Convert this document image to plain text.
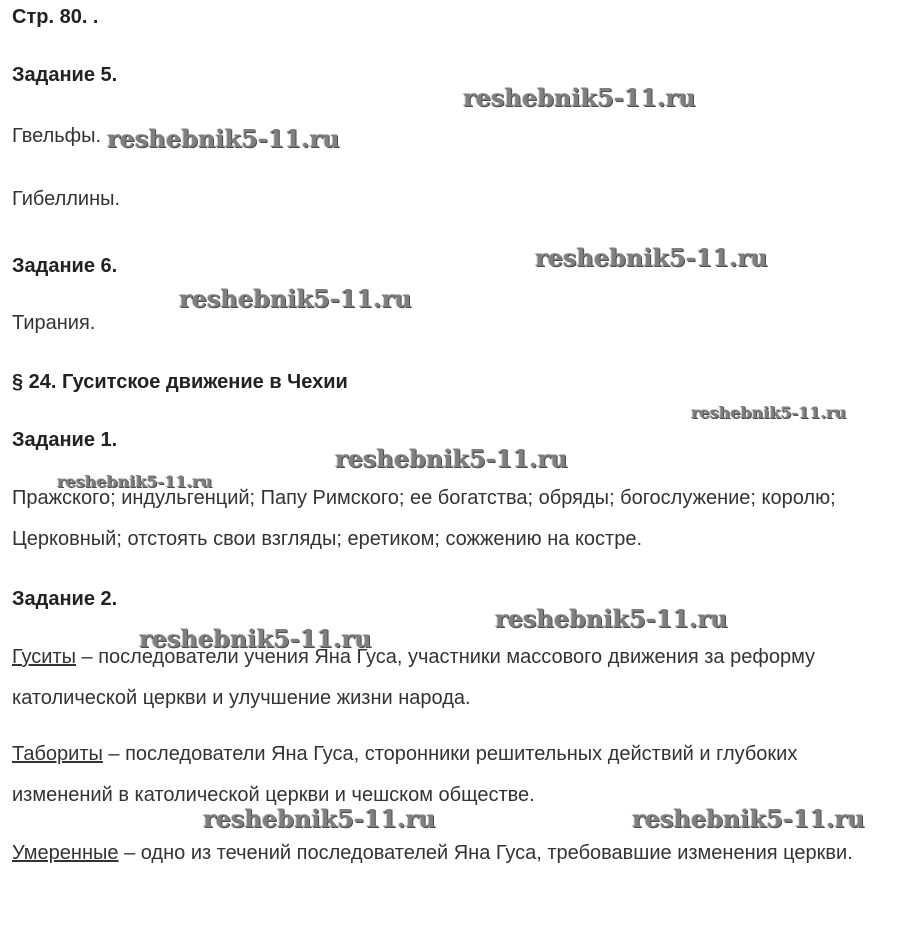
Стр. 80. .
Задание 5.
Гвельфы.
Гибеллины.
Задание 6.
Тирания.
§ 24. Гуситское движение в Чехии
Задание 1.
Пражского; индульгенций; Папу Римского; ее богатства; обряды; богослужение; королю; Церковный; отстоять свои взгляды; еретиком; сожжению на костре.
Задание 2.
Гуситы – последователи учения Яна Гуса, участники массового движения за реформу католической церкви и улучшение жизни народа.
Табориты – последователи Яна Гуса, сторонники решительных действий и глубоких изменений в католической церкви и чешском обществе.
Умеренные – одно из течений последователей Яна Гуса, требовавшие изменения церкви.
reshebnik5-11.ru
reshebnik5-11.ru
reshebnik5-11.ru
reshebnik5-11.ru
reshebnik5-11.ru
reshebnik5-11.ru
reshebnik5-11.ru
reshebnik5-11.ru
reshebnik5-11.ru
reshebnik5-11.ru	reshebnik5-11.ru
